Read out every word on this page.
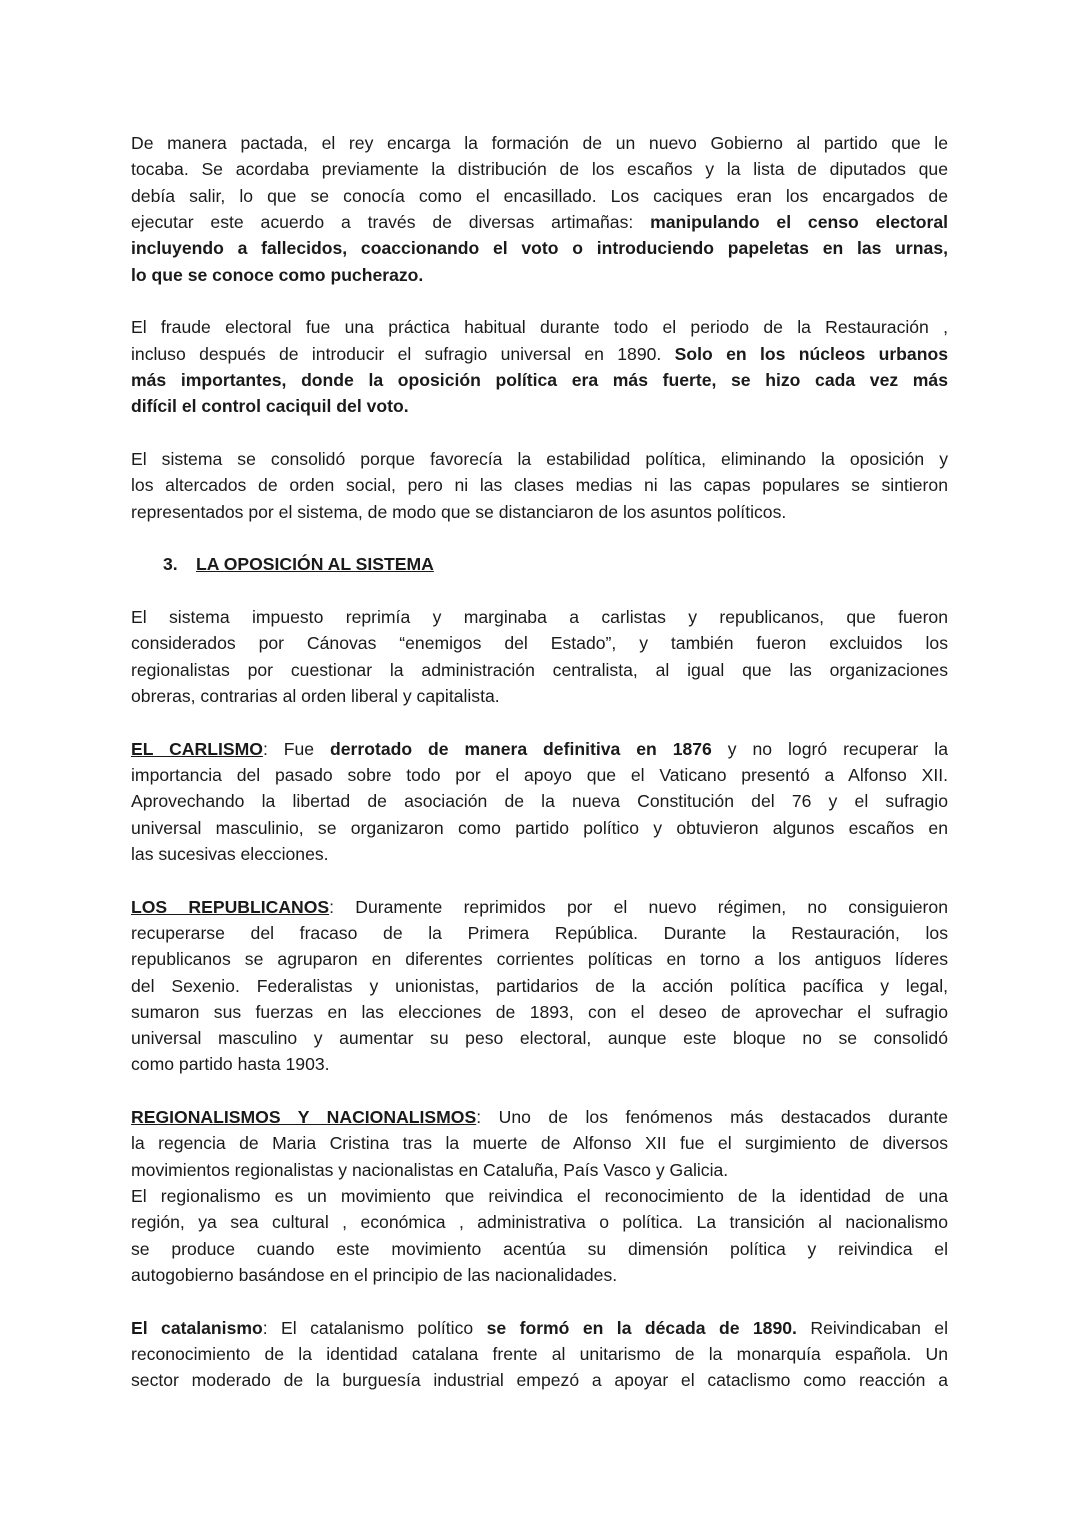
De manera pactada, el rey encarga la formación de un nuevo Gobierno al partido que le
tocaba. Se acordaba previamente la distribución de los escaños y la lista de diputados que
debía salir, lo que se conocía como el encasillado. Los caciques eran los encargados de
ejecutar este acuerdo a través de diversas artimañas: manipulando el censo electoral
incluyendo a fallecidos, coaccionando el voto o introduciendo papeletas en las urnas,
lo que se conoce como pucherazo.
El fraude electoral fue una práctica habitual durante todo el periodo de la Restauración ,
incluso después de introducir el sufragio universal en 1890. Solo en los núcleos urbanos
más importantes, donde la oposición política era más fuerte, se hizo cada vez más
difícil el control caciquil del voto.
El sistema se consolidó porque favorecía la estabilidad política, eliminando la oposición y
los altercados de orden social, pero ni las clases medias ni las capas populares se sintieron
representados por el sistema, de modo que se distanciaron de los asuntos políticos.
3. LA OPOSICIÓN AL SISTEMA
El sistema impuesto reprimía y marginaba a carlistas y republicanos, que fueron
considerados por Cánovas “enemigos del Estado”, y también fueron excluidos los
regionalistas por cuestionar la administración centralista, al igual que las organizaciones
obreras, contrarias al orden liberal y capitalista.
EL CARLISMO: Fue derrotado de manera definitiva en 1876 y no logró recuperar la
importancia del pasado sobre todo por el apoyo que el Vaticano presentó a Alfonso XII.
Aprovechando la libertad de asociación de la nueva Constitución del 76 y el sufragio
universal masculinio, se organizaron como partido político y obtuvieron algunos escaños en
las sucesivas elecciones.
LOS REPUBLICANOS: Duramente reprimidos por el nuevo régimen, no consiguieron
recuperarse del fracaso de la Primera República. Durante la Restauración, los
republicanos se agruparon en diferentes corrientes políticas en torno a los antiguos líderes
del Sexenio. Federalistas y unionistas, partidarios de la acción política pacífica y legal,
sumaron sus fuerzas en las elecciones de 1893, con el deseo de aprovechar el sufragio
universal masculino y aumentar su peso electoral, aunque este bloque no se consolidó
como partido hasta 1903.
REGIONALISMOS Y NACIONALISMOS: Uno de los fenómenos más destacados durante
la regencia de Maria Cristina tras la muerte de Alfonso XII fue el surgimiento de diversos
movimientos regionalistas y nacionalistas en Cataluña, País Vasco y Galicia.
El regionalismo es un movimiento que reivindica el reconocimiento de la identidad de una
región, ya sea cultural , económica , administrativa o política. La transición al nacionalismo
se produce cuando este movimiento acentúa su dimensión política y reivindica el
autogobierno basándose en el principio de las nacionalidades.
El catalanismo: El catalanismo político se formó en la década de 1890. Reivindicaban el
reconocimiento de la identidad catalana frente al unitarismo de la monarquía española. Un
sector moderado de la burguesía industrial empezó a apoyar el cataclismo como reacción a
